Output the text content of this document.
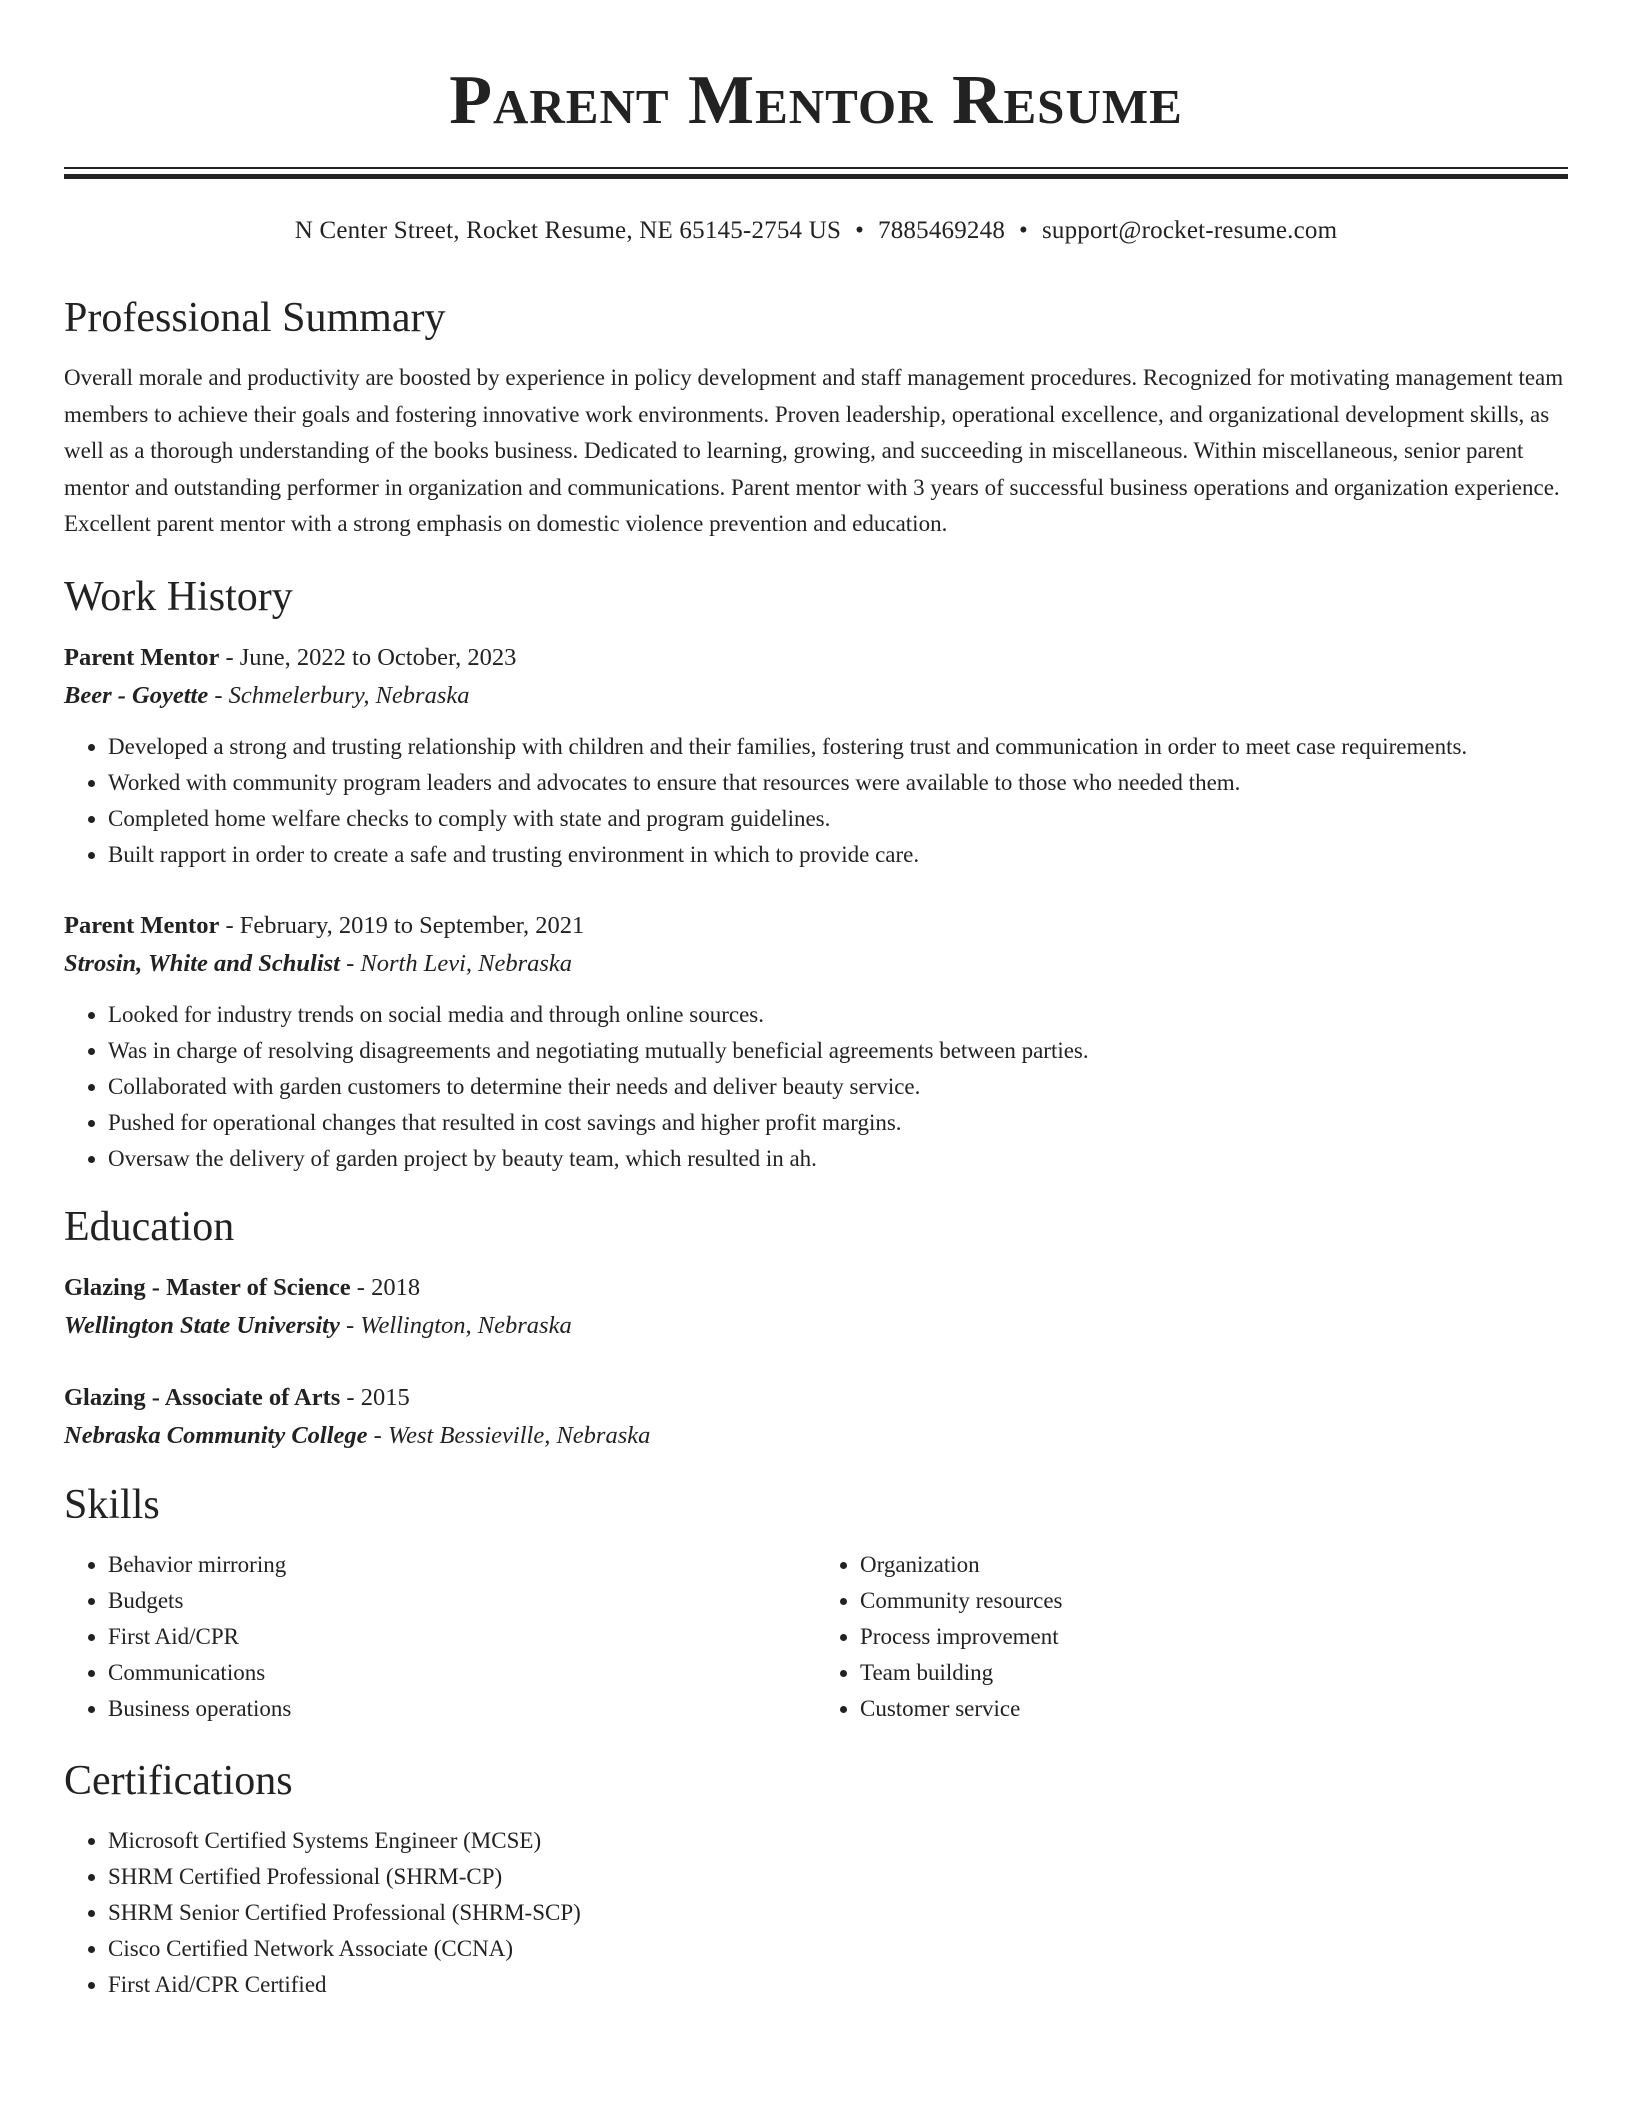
Parent Mentor Resume
N Center Street, Rocket Resume, NE 65145-2754 US • 7885469248 • support@rocket-resume.com
Professional Summary

Overall morale and productivity are boosted by experience in policy development and staff management procedures. Recognized for motivating management team members to achieve their goals and fostering innovative work environments. Proven leadership, operational excellence, and organizational development skills, as well as a thorough understanding of the books business. Dedicated to learning, growing, and succeeding in miscellaneous. Within miscellaneous, senior parent mentor and outstanding performer in organization and communications. Parent mentor with 3 years of successful business operations and organization experience. Excellent parent mentor with a strong emphasis on domestic violence prevention and education.

Work History
Parent Mentor - June, 2022 to October, 2023
Beer - Goyette - Schmelerbury, Nebraska
• Developed a strong and trusting relationship with children and their families, fostering trust and communication in order to meet case requirements.
• Worked with community program leaders and advocates to ensure that resources were available to those who needed them.
• Completed home welfare checks to comply with state and program guidelines.
• Built rapport in order to create a safe and trusting environment in which to provide care.
Parent Mentor - February, 2019 to September, 2021
Strosin, White and Schulist - North Levi, Nebraska
• Looked for industry trends on social media and through online sources.
• Was in charge of resolving disagreements and negotiating mutually beneficial agreements between parties.
• Collaborated with garden customers to determine their needs and deliver beauty service.
• Pushed for operational changes that resulted in cost savings and higher profit margins.
• Oversaw the delivery of garden project by beauty team, which resulted in ah.
Education
Glazing - Master of Science - 2018
Wellington State University - Wellington, Nebraska
Glazing - Associate of Arts - 2015
Nebraska Community College - West Bessieville, Nebraska
Skills
• Behavior mirroring
• Budgets
• First Aid/CPR
• Communications
• Business operations
• Organization
• Community resources
• Process improvement
• Team building
• Customer service
Certifications
• Microsoft Certified Systems Engineer (MCSE)
• SHRM Certified Professional (SHRM-CP)
• SHRM Senior Certified Professional (SHRM-SCP)
• Cisco Certified Network Associate (CCNA)
• First Aid/CPR Certified
